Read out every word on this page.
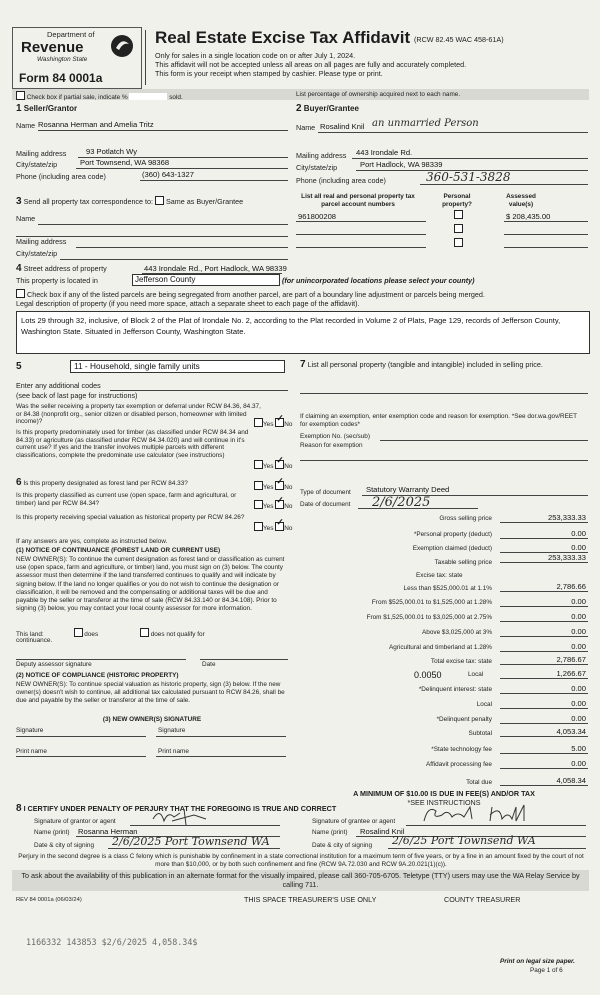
Department of
Revenue
Washington State
Form 84 0001a
Real Estate Excise Tax Affidavit (RCW 82.45 WAC 458-61A)
Only for sales in a single location code on or after July 1, 2024.
This affidavit will not be accepted unless all areas on all pages are fully and accurately completed.
This form is your receipt when stamped by cashier. Please type or print.
Check box if partial sale, indicate %	sold.	List percentage of ownership acquired next to each name.
1 Seller/Grantor
Name Rosanna Herman and Amelia Tritz
Mailing address	93 Potlatch Wy
City/state/zip	Port Townsend, WA 98368
Phone (including area code)	(360) 643-1327
2 Buyer/Grantee
Name Rosalind Knil an unmarried Person
Mailing address 443 Irondale Rd.
City/state/zip	Port Hadlock, WA 98339
Phone (including area code)	360-531-3828
3 Send all property tax correspondence to: Same as Buyer/Grantee
Name
Mailing address
City/state/zip
List all real and personal property tax parcel account numbers
Personal property?
Assessed value(s)
961800208	$ 208,435.00
4 Street address of property	443 Irondale Rd., Port Hadlock, WA 98339
This property is located in	Jefferson County	(for unincorporated locations please select your county)
Check box if any of the listed parcels are being segregated from another parcel, are part of a boundary line adjustment or parcels being merged.
Legal description of property (if you need more space, attach a separate sheet to each page of the affidavit).
Lots 29 through 32, inclusive, of Block 2 of the Plat of Irondale No. 2, according to the Plat recorded in Volume 2 of Plats, Page 129, records of Jefferson County, Washington State. Situated in Jefferson County, Washington State.
5	11 - Household, single family units
Enter any additional codes
(see back of last page for instructions)
Was the seller receiving a property tax exemption or deferral under RCW 84.36, 84.37, or 84.38 (nonprofit org., senior citizen or disabled person, homeowner with limited income)?	Yes ✓ No
Is this property predominately used for timber (as classified under RCW 84.34 and 84.33) or agriculture (as classified under RCW 84.34.020) and will continue in it's current use? If yes and the transfer involves multiple parcels with different classifications, complete the predominate use calculator (see instructions)
Yes ✓ No
6 Is this property designated as forest land per RCW 84.33?
Yes ✓ No
Is this property classified as current use (open space, farm and agricultural, or timber) land per RCW 84.34?	Yes ✓ No
Is this property receiving special valuation as historical property per RCW 84.26?
Yes ✓ No
If any answers are yes, complete as instructed below.
(1) NOTICE OF CONTINUANCE (FOREST LAND OR CURRENT USE)
NEW OWNER(S): To continue the current designation as forest land or classification as current use (open space, farm and agriculture, or timber) land, you must sign on (3) below. The county assessor must then determine if the land transferred continues to qualify and will indicate by signing below. If the land no longer qualifies or you do not wish to continue the designation or classification, it will be removed and the compensating or additional taxes will be due and payable by the seller or transferor at the time of sale (RCW 84.33.140 or 84.34.108). Prior to signing (3) below, you may contact your local county assessor for more information.
This land:	does	does not qualify for
continuance.
Deputy assessor signature	Date
(2) NOTICE OF COMPLIANCE (HISTORIC PROPERTY)
NEW OWNER(S): To continue special valuation as historic property, sign (3) below. If the new owner(s) doesn't wish to continue, all additional tax calculated pursuant to RCW 84.26, shall be due and payable by the seller or transferor at the time of sale.
(3) NEW OWNER(S) SIGNATURE
Signature	Signature
Print name	Print name
7 List all personal property (tangible and intangible) included in selling price.
If claiming an exemption, enter exemption code and reason for exemption. *See dor.wa.gov/REET for exemption codes*
Exemption No. (sec/sub)
Reason for exemption
Type of document Statutory Warranty Deed
Date of document 2/6/2025
Gross selling price	253,333.33
*Personal property (deduct)	0.00
Exemption claimed (deduct)	0.00
Taxable selling price
253,333.33
Excise tax: state
Less than $525,000.01 at 1.1%	2,786.66
From $525,000.01 to $1,525,000 at 1.28%	0.00
From $1,525,000.01 to $3,025,000 at 2.75%	0.00
Above $3,025,000 at 3%	0.00
Agricultural and timberland at 1.28%	0.00
Total excise tax: state	2,786.67
0.0050	Local	1,266.67
*Delinquent interest: state	0.00
Local	0.00
*Delinquent penalty	0.00
Subtotal	4,053.34
*State technology fee	5.00
Affidavit processing fee	0.00
Total due	4,058.34
A MINIMUM OF $10.00 IS DUE IN FEE(S) AND/OR TAX
*SEE INSTRUCTIONS
8 I CERTIFY UNDER PENALTY OF PERJURY THAT THE FOREGOING IS TRUE AND CORRECT
Signature of grantor or agent
Name (print) Rosanna Herman
Date & city of signing 2/6/2025 Port Townsend WA
Signature of grantee or agent
Name (print) Rosalind Knil
Date & city of signing 2/6/25 Port Townsend WA
Perjury in the second degree is a class C felony which is punishable by confinement in a state correctional institution for a maximum term of five years, or by a fine in an amount fixed by the court of not more than $10,000, or by both such confinement and fine (RCW 9A.72.030 and RCW 9A.20.021(1)(c)).
To ask about the availability of this publication in an alternate format for the visually impaired, please call 360-705-6705. Teletype (TTY) users may use the WA Relay Service by calling 711.
REV 84 0001a (06/03/24)	THIS SPACE TREASURER'S USE ONLY	COUNTY TREASURER
1166332 143853 $2/6/2025 4,058.34$
Print on legal size paper.
Page 1 of 6
